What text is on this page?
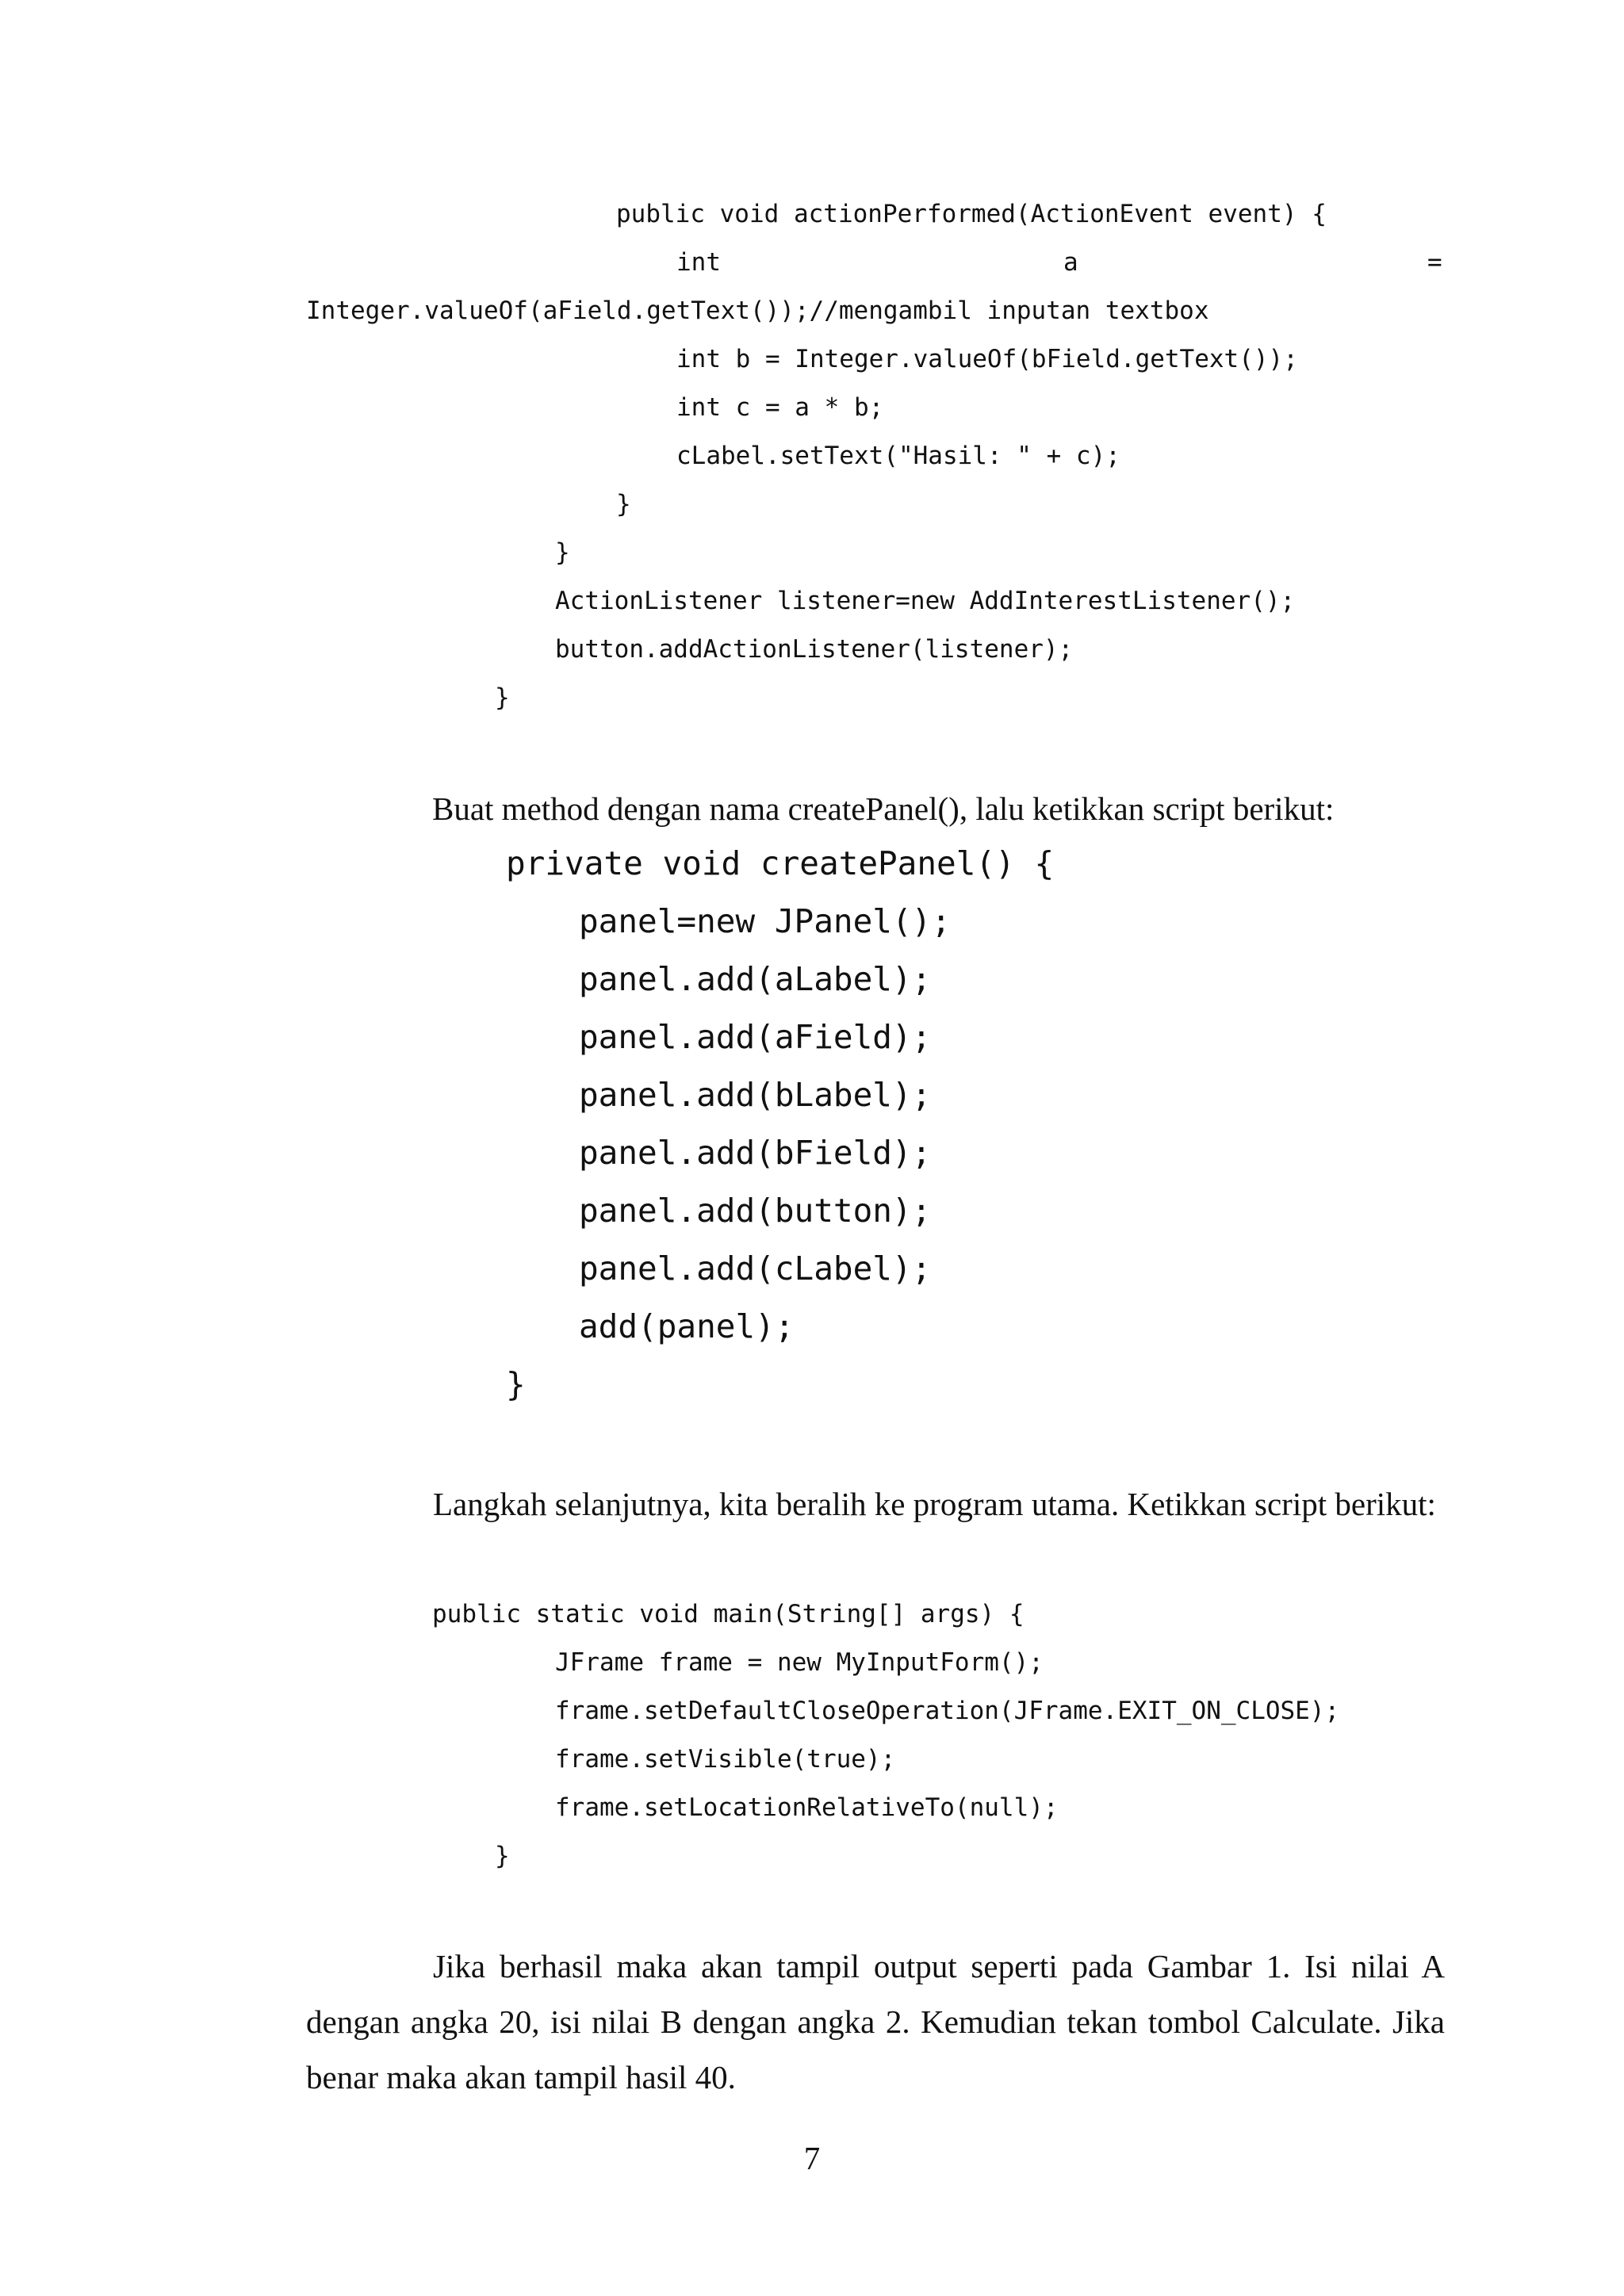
public void actionPerformed(ActionEvent event) {
int	a	=
Integer.valueOf(aField.getText());//mengambil inputan textbox
int b = Integer.valueOf(bField.getText());
int c = a * b;
cLabel.setText("Hasil: " + c);
}
}
ActionListener listener=new AddInterestListener();
button.addActionListener(listener);
}

Buat method dengan nama createPanel(), lalu ketikkan script berikut:

private void createPanel() {
panel=new JPanel();
panel.add(aLabel);
panel.add(aField);
panel.add(bLabel);
panel.add(bField);
panel.add(button);
panel.add(cLabel);
add(panel);
}

Langkah selanjutnya, kita beralih ke program utama. Ketikkan script berikut:

public static void main(String[] args) {
JFrame frame = new MyInputForm();
frame.setDefaultCloseOperation(JFrame.EXIT_ON_CLOSE);
frame.setVisible(true);
frame.setLocationRelativeTo(null);
}

Jika berhasil maka akan tampil output seperti pada Gambar 1. Isi nilai A dengan angka 20, isi nilai B dengan angka 2. Kemudian tekan tombol Calculate. Jika benar maka akan tampil hasil 40.

7
